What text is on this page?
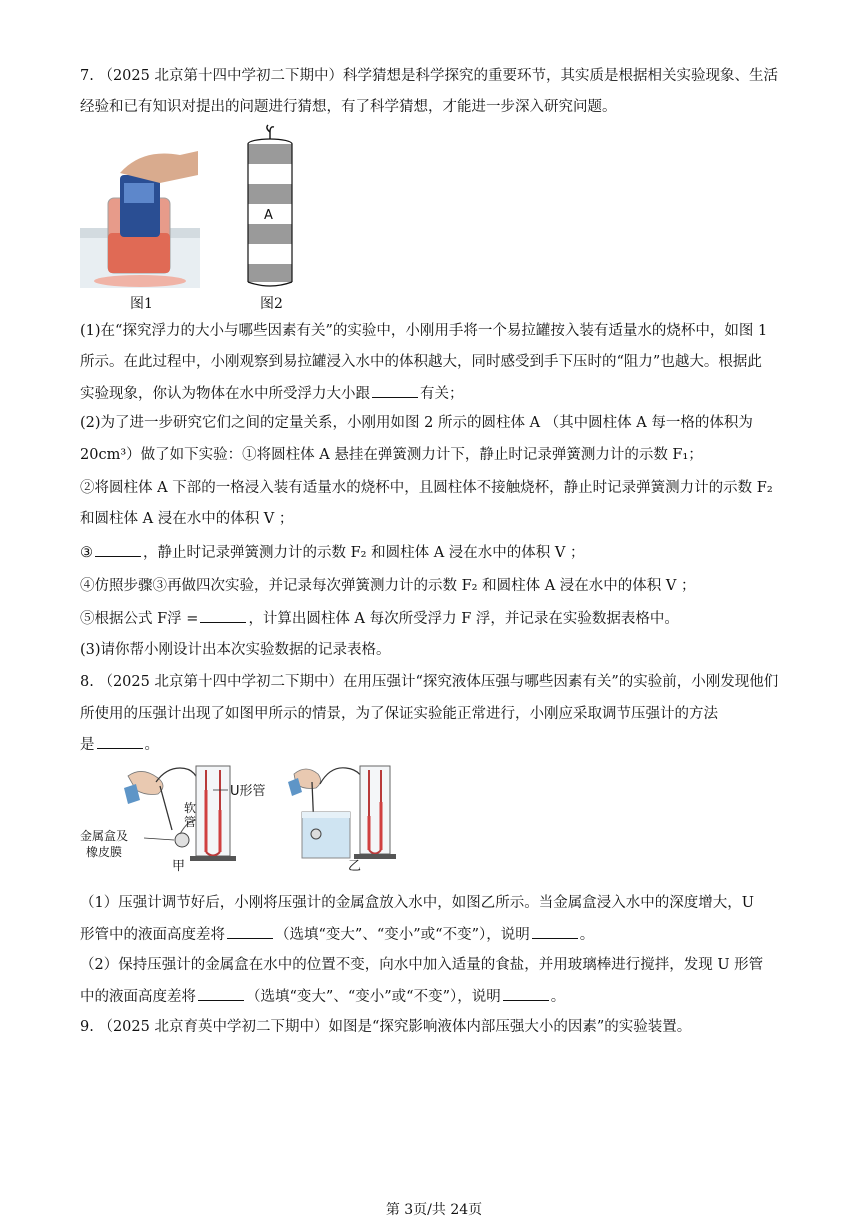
7. （2025 北京第十四中学初二下期中）科学猜想是科学探究的重要环节，其实质是根据相关实验现象、生活
经验和已有知识对提出的问题进行猜想，有了科学猜想，才能进一步深入研究问题。
图1
A
图2
(1)在“探究浮力的大小与哪些因素有关”的实验中，小刚用手将一个易拉罐按入装有适量水的烧杯中，如图 1
所示。在此过程中，小刚观察到易拉罐浸入水中的体积越大，同时感受到手下压时的“阻力”也越大。根据此
实验现象，你认为物体在水中所受浮力大小跟	有关；
(2)为了进一步研究它们之间的定量关系，小刚用如图 2 所示的圆柱体 A （其中圆柱体 A 每一格的体积为
20cm³）做了如下实验：①将圆柱体 A 悬挂在弹簧测力计下，静止时记录弹簧测力计的示数 F₁；
②将圆柱体 A 下部的一格浸入装有适量水的烧杯中，且圆柱体不接触烧杯，静止时记录弹簧测力计的示数 F₂
和圆柱体 A 浸在水中的体积 V ；
③	，静止时记录弹簧测力计的示数 F₂ 和圆柱体 A 浸在水中的体积 V ；
④仿照步骤③再做四次实验，并记录每次弹簧测力计的示数 F₂ 和圆柱体 A 浸在水中的体积 V ；
⑤根据公式 F浮 =	，计算出圆柱体 A 每次所受浮力 F 浮，并记录在实验数据表格中。
(3)请你帮小刚设计出本次实验数据的记录表格。
8. （2025 北京第十四中学初二下期中）在用压强计“探究液体压强与哪些因素有关”的实验前，小刚发现他们
所使用的压强计出现了如图甲所示的情景，为了保证实验能正常进行，小刚应采取调节压强计的方法
是	。
U形管
软
管
金属盒及
橡皮膜
甲	乙
（1）压强计调节好后，小刚将压强计的金属盒放入水中，如图乙所示。当金属盒浸入水中的深度增大，U
形管中的液面高度差将	（选填“变大”、“变小”或“不变”），说明	。
（2）保持压强计的金属盒在水中的位置不变，向水中加入适量的食盐，并用玻璃棒进行搅拌，发现 U 形管
中的液面高度差将	（选填“变大”、“变小”或“不变”），说明	。
9. （2025 北京育英中学初二下期中）如图是“探究影响液体内部压强大小的因素”的实验装置。
第 3页/共 24页
